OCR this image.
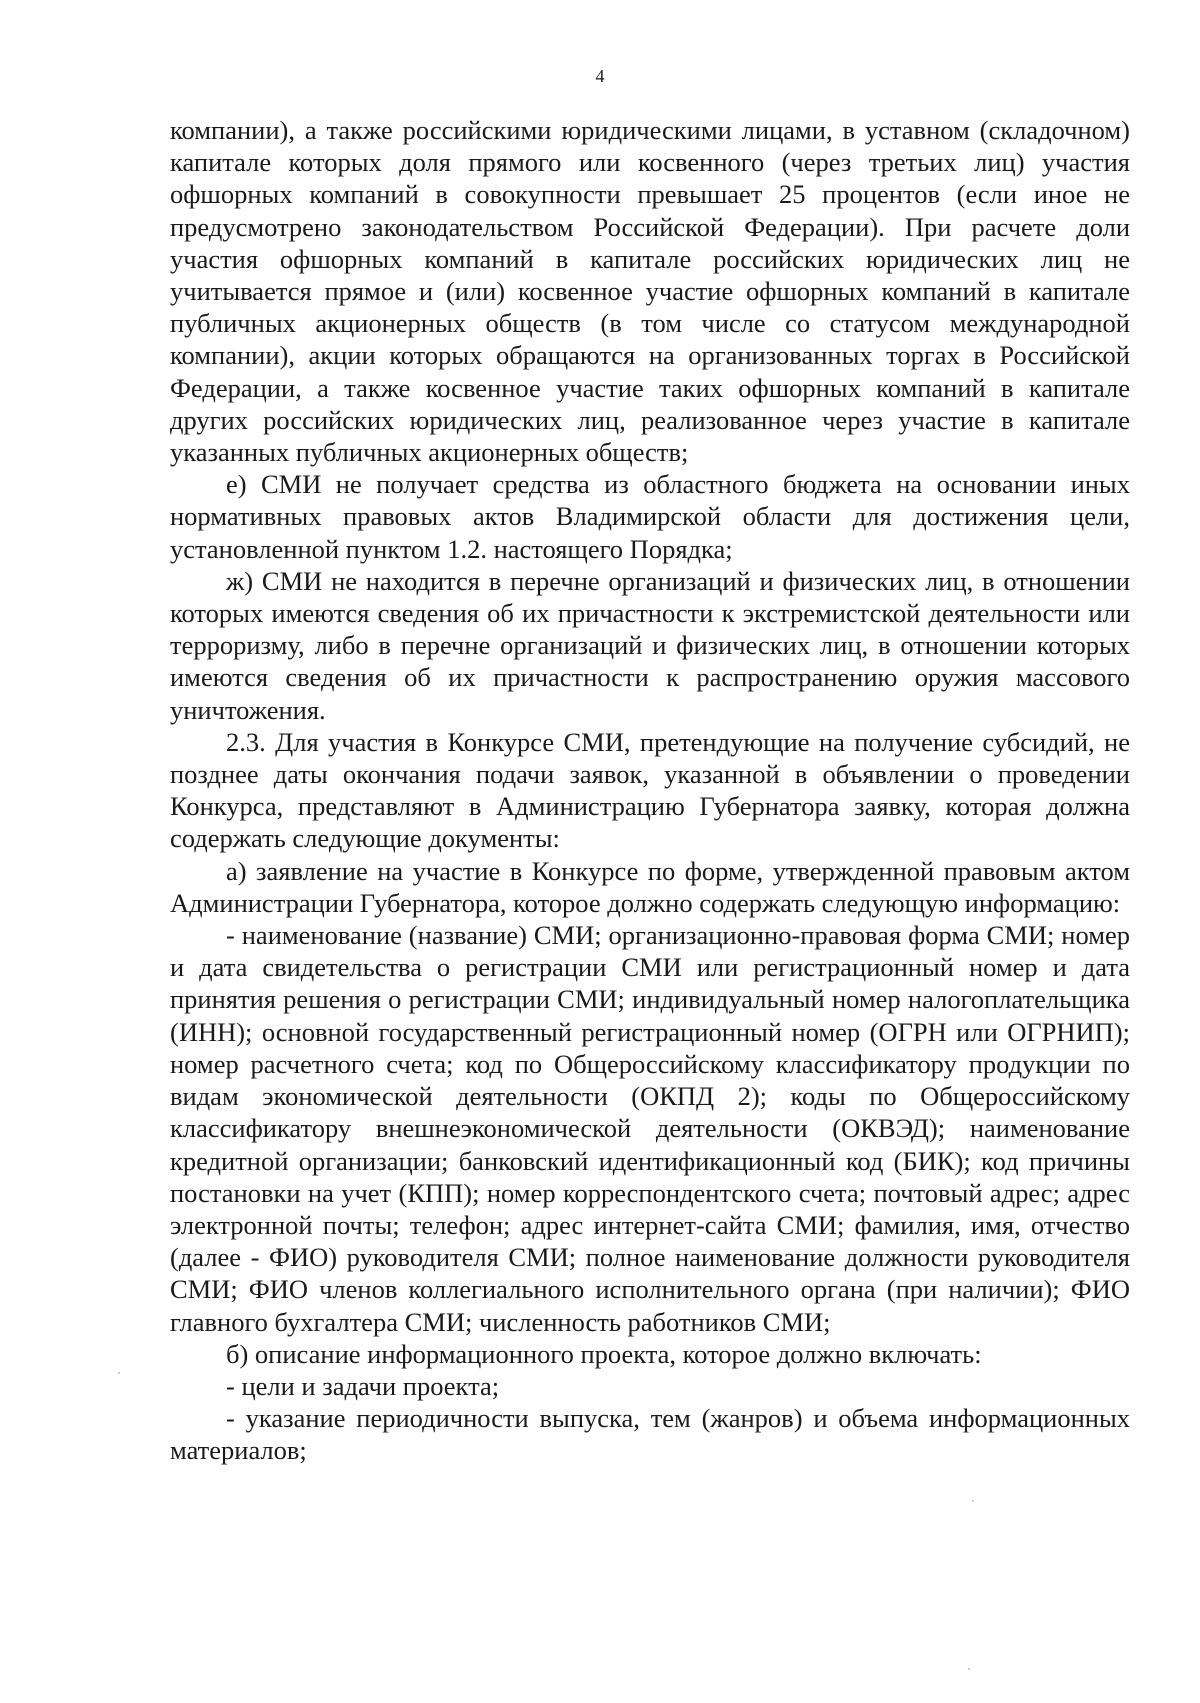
4

компании), а также российскими юридическими лицами, в уставном (складочном) капитале которых доля прямого или косвенного (через третьих лиц) участия офшорных компаний в совокупности превышает 25 процентов (если иное не предусмотрено законодательством Российской Федерации). При расчете доли участия офшорных компаний в капитале российских юридических лиц не учитывается прямое и (или) косвенное участие офшорных компаний в капитале публичных акционерных обществ (в том числе со статусом международной компании), акции которых обращаются на организованных торгах в Российской Федерации, а также косвенное участие таких офшорных компаний в капитале других российских юридических лиц, реализованное через участие в капитале указанных публичных акционерных обществ;

е) СМИ не получает средства из областного бюджета на основании иных нормативных правовых актов Владимирской области для достижения цели, установленной пунктом 1.2. настоящего Порядка;

ж) СМИ не находится в перечне организаций и физических лиц, в отношении которых имеются сведения об их причастности к экстремистской деятельности или терроризму, либо в перечне организаций и физических лиц, в отношении которых имеются сведения об их причастности к распространению оружия массового уничтожения.

2.3. Для участия в Конкурсе СМИ, претендующие на получение субсидий, не позднее даты окончания подачи заявок, указанной в объявлении о проведении Конкурса, представляют в Администрацию Губернатора заявку, которая должна содержать следующие документы:

а) заявление на участие в Конкурсе по форме, утвержденной правовым актом Администрации Губернатора, которое должно содержать следующую информацию:

- наименование (название) СМИ; организационно-правовая форма СМИ; номер и дата свидетельства о регистрации СМИ или регистрационный номер и дата принятия решения о регистрации СМИ; индивидуальный номер налогоплательщика (ИНН); основной государственный регистрационный номер (ОГРН или ОГРНИП); номер расчетного счета; код по Общероссийскому классификатору продукции по видам экономической деятельности (ОКПД 2); коды по Общероссийскому классификатору внешнеэкономической деятельности (ОКВЭД); наименование кредитной организации; банковский идентификационный код (БИК); код причины постановки на учет (КПП); номер корреспондентского счета; почтовый адрес; адрес электронной почты; телефон; адрес интернет-сайта СМИ; фамилия, имя, отчество (далее - ФИО) руководителя СМИ; полное наименование должности руководителя СМИ; ФИО членов коллегиального исполнительного органа (при наличии); ФИО главного бухгалтера СМИ; численность работников СМИ;

б) описание информационного проекта, которое должно включать:

- цели и задачи проекта;

- указание периодичности выпуска, тем (жанров) и объема информационных материалов;
